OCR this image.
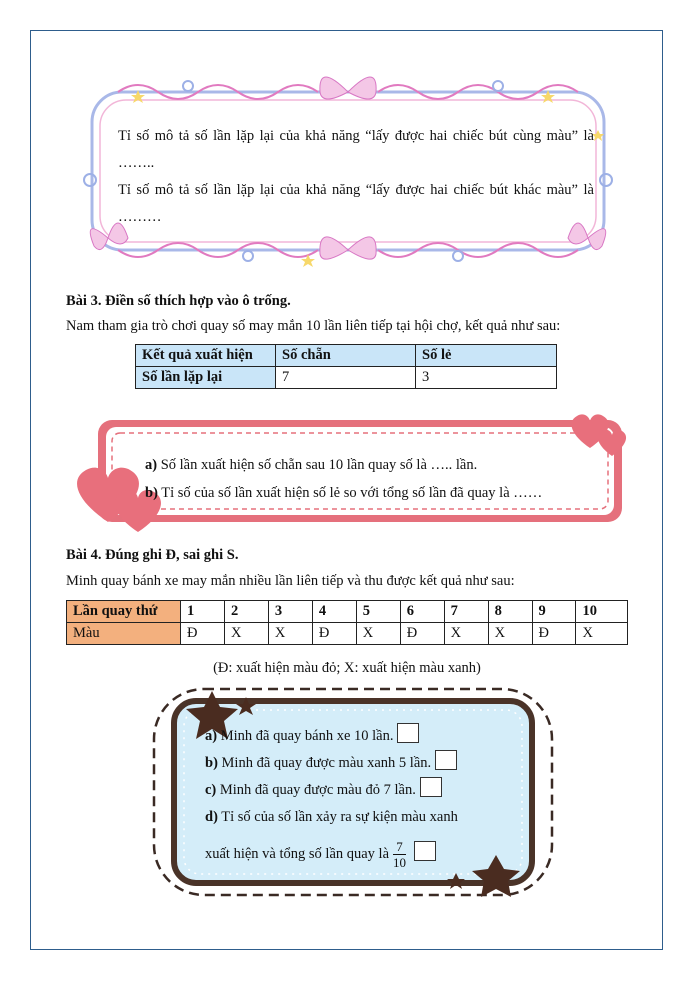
Tỉ số mô tả số lần lặp lại của khả năng “lấy được hai chiếc bút cùng màu” là ……..

Tỉ số mô tả số lần lặp lại của khả năng “lấy được hai chiếc bút khác màu” là ………

Bài 3. Điền số thích hợp vào ô trống.
Nam tham gia trò chơi quay số may mắn 10 lần liên tiếp tại hội chợ, kết quả như sau:
Kết quả xuất hiện	Số chẵn	Số lẻ
Số lần lặp lại	7	3

a) Số lần xuất hiện số chẵn sau 10 lần quay số là ….. lần.

b) Tỉ số của số lần xuất hiện số lẻ so với tổng số lần đã quay là ……

Bài 4. Đúng ghi Đ, sai ghi S.
Minh quay bánh xe may mắn nhiều lần liên tiếp và thu được kết quả như sau:
Lần quay thứ	1	2	3	4	5	6	7	8	9	10
Màu	Đ	X	X	Đ	X	Đ	X	X	Đ	X
(Đ: xuất hiện màu đỏ; X: xuất hiện màu xanh)

a) Minh đã quay bánh xe 10 lần.

b) Minh đã quay được màu xanh 5 lần.

c) Minh đã quay được màu đỏ 7 lần.

d) Tỉ số của số lần xảy ra sự kiện màu xanh

xuất hiện và tổng số lần quay là $\frac{7}{10}$
